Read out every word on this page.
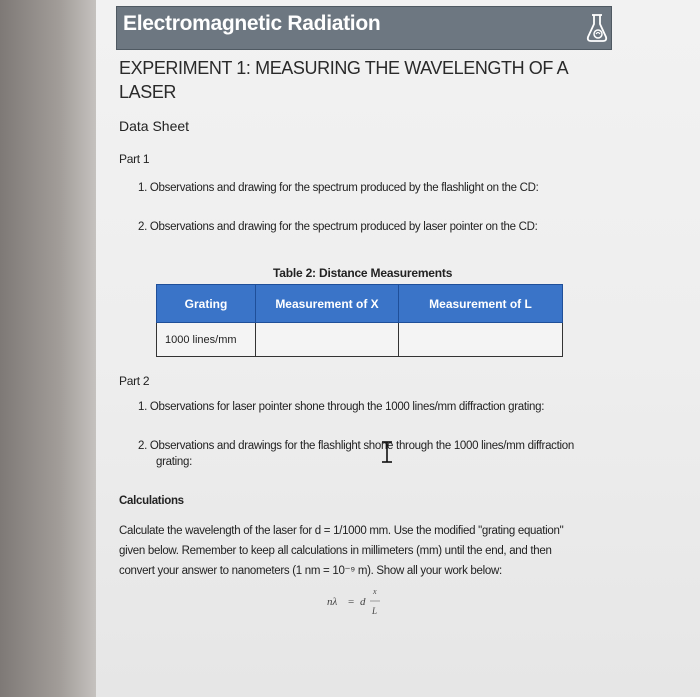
Electromagnetic Radiation
EXPERIMENT 1: MEASURING THE WAVELENGTH OF A LASER
Data Sheet
Part 1
1. Observations and drawing for the spectrum produced by the flashlight on the CD:
2. Observations and drawing for the spectrum produced by laser pointer on the CD:
Table 2: Distance Measurements
Grating	Measurement of X	Measurement of L
1000 lines/mm		
Part 2
1. Observations for laser pointer shone through the 1000 lines/mm diffraction grating:
2. Observations and drawings for the flashlight shone through the 1000 lines/mm diffraction
grating:
Calculations
Calculate the wavelength of the laser for d = 1/1000 mm. Use the modified "grating equation"
given below. Remember to keep all calculations in millimeters (mm) until the end, and then
convert your answer to nanometers (1 nm = 10⁻⁹ m). Show all your work below:
nλ = d
x
L
